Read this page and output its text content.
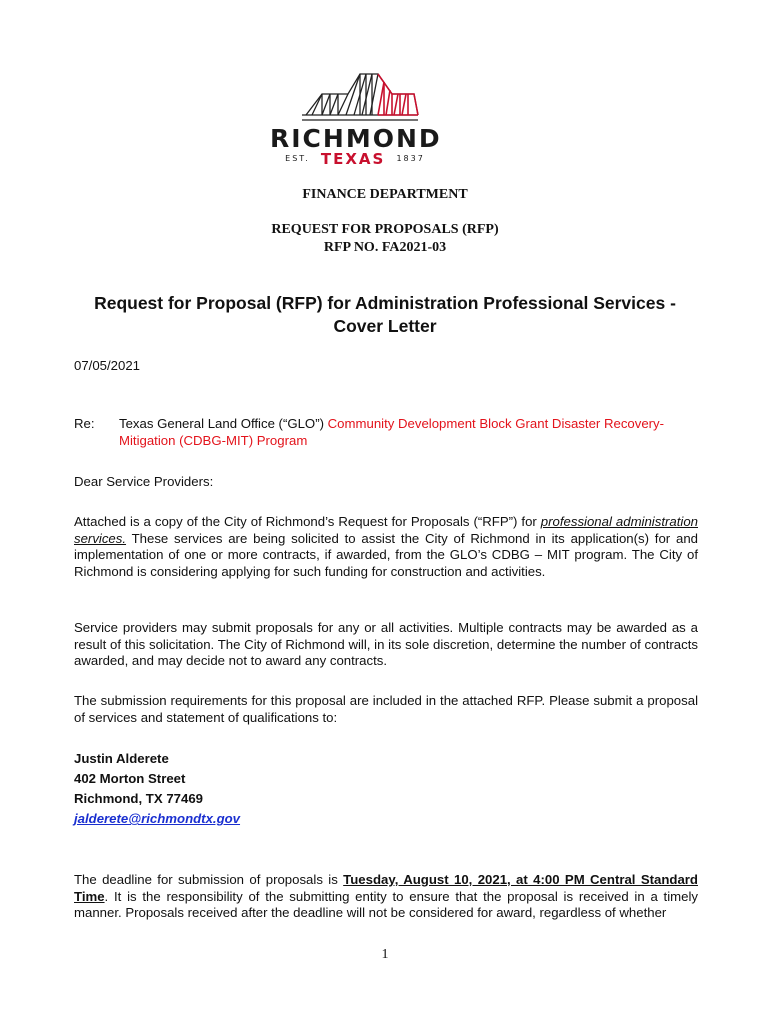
RICHMOND
EST. TEXAS 1837
FINANCE DEPARTMENT
REQUEST FOR PROPOSALS (RFP)
RFP NO. FA2021-03
Request for Proposal (RFP) for Administration Professional Services -
Cover Letter
07/05/2021
Re:	Texas General Land Office (“GLO”) Community Development Block Grant Disaster Recovery-
Mitigation (CDBG-MIT) Program
Dear Service Providers:

Attached is a copy of the City of Richmond’s Request for Proposals (“RFP”) for professional administration services. These services are being solicited to assist the City of Richmond in its application(s) for and implementation of one or more contracts, if awarded, from the GLO’s CDBG – MIT program. The City of Richmond is considering applying for such funding for construction and activities.

Service providers may submit proposals for any or all activities. Multiple contracts may be awarded as a result of this solicitation. The City of Richmond will, in its sole discretion, determine the number of contracts awarded, and may decide not to award any contracts.

The submission requirements for this proposal are included in the attached RFP. Please submit a proposal of services and statement of qualifications to:

Justin Alderete
402 Morton Street
Richmond, TX 77469
jalderete@richmondtx.gov

The deadline for submission of proposals is Tuesday, August 10, 2021, at 4:00 PM Central Standard Time. It is the responsibility of the submitting entity to ensure that the proposal is received in a timely manner. Proposals received after the deadline will not be considered for award, regardless of whether

1
